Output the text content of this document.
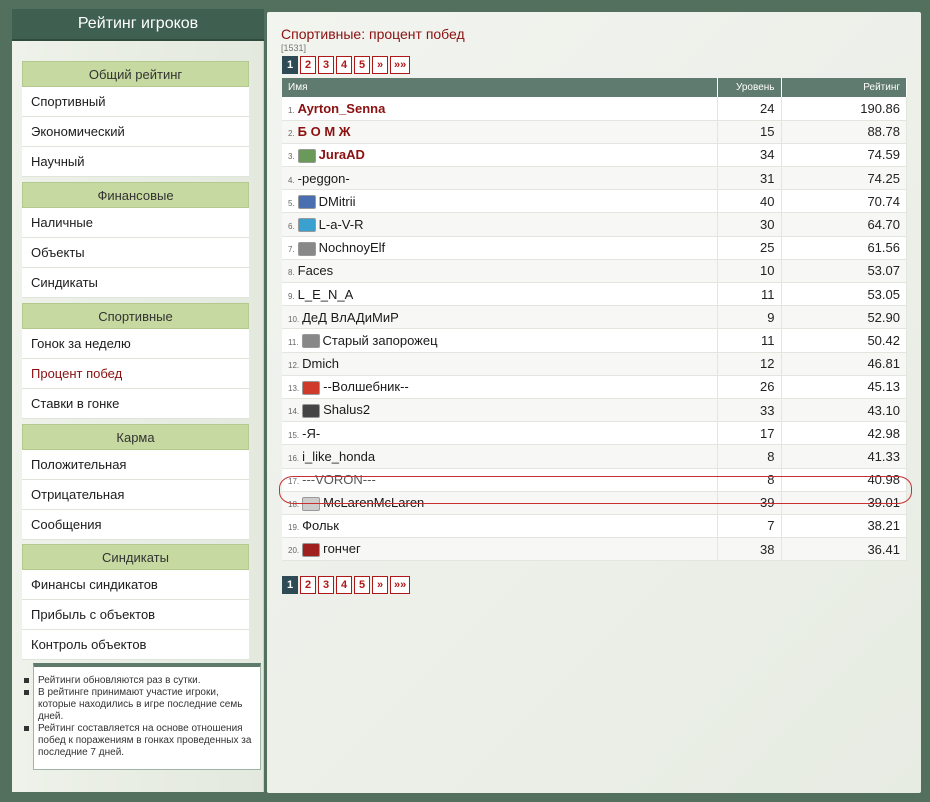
Рейтинг игроков
Общий рейтинг
Спортивный
Экономический
Научный
Финансовые
Наличные
Объекты
Синдикаты
Спортивные
Гонок за неделю
Процент побед
Ставки в гонке
Карма
Положительная
Отрицательная
Сообщения
Синдикаты
Финансы синдикатов
Прибыль с объектов
Контроль объектов
Рейтинги обновляются раз в сутки.
В рейтинге принимают участие игроки, которые находились в игре последние семь дней.
Рейтинг составляется на основе отношения побед к поражениям в гонках проведенных за последние 7 дней.
Спортивные: процент побед
[1531]
1	2	3	4	5	» »»
Имя	Уровень	Рейтинг
1. Ayrton_Senna	24	190.86
2. Б О М Ж	15	88.78
3. JuraAD	34	74.59
4. -peggon-	31	74.25
5. DMitrii	40	70.74
6. L-a-V-R	30	64.70
7. NochnoyElf	25	61.56
8. Faces	10	53.07
9. L_E_N_A	11	53.05
10. ДеД ВлАДиМиР	9	52.90
11. Старый запорожец	11	50.42
12. Dmich	12	46.81
13. --Волшебник--	26	45.13
14. Shalus2	33	43.10
15. -Я-	17	42.98
16. i_like_honda	8	41.33
17. ---VORON---	8	40.98
18. McLarenMcLaren	39	39.01
19. Фольк	7	38.21
20. гончег	38	36.41
1	2	3	4	5	» »»
